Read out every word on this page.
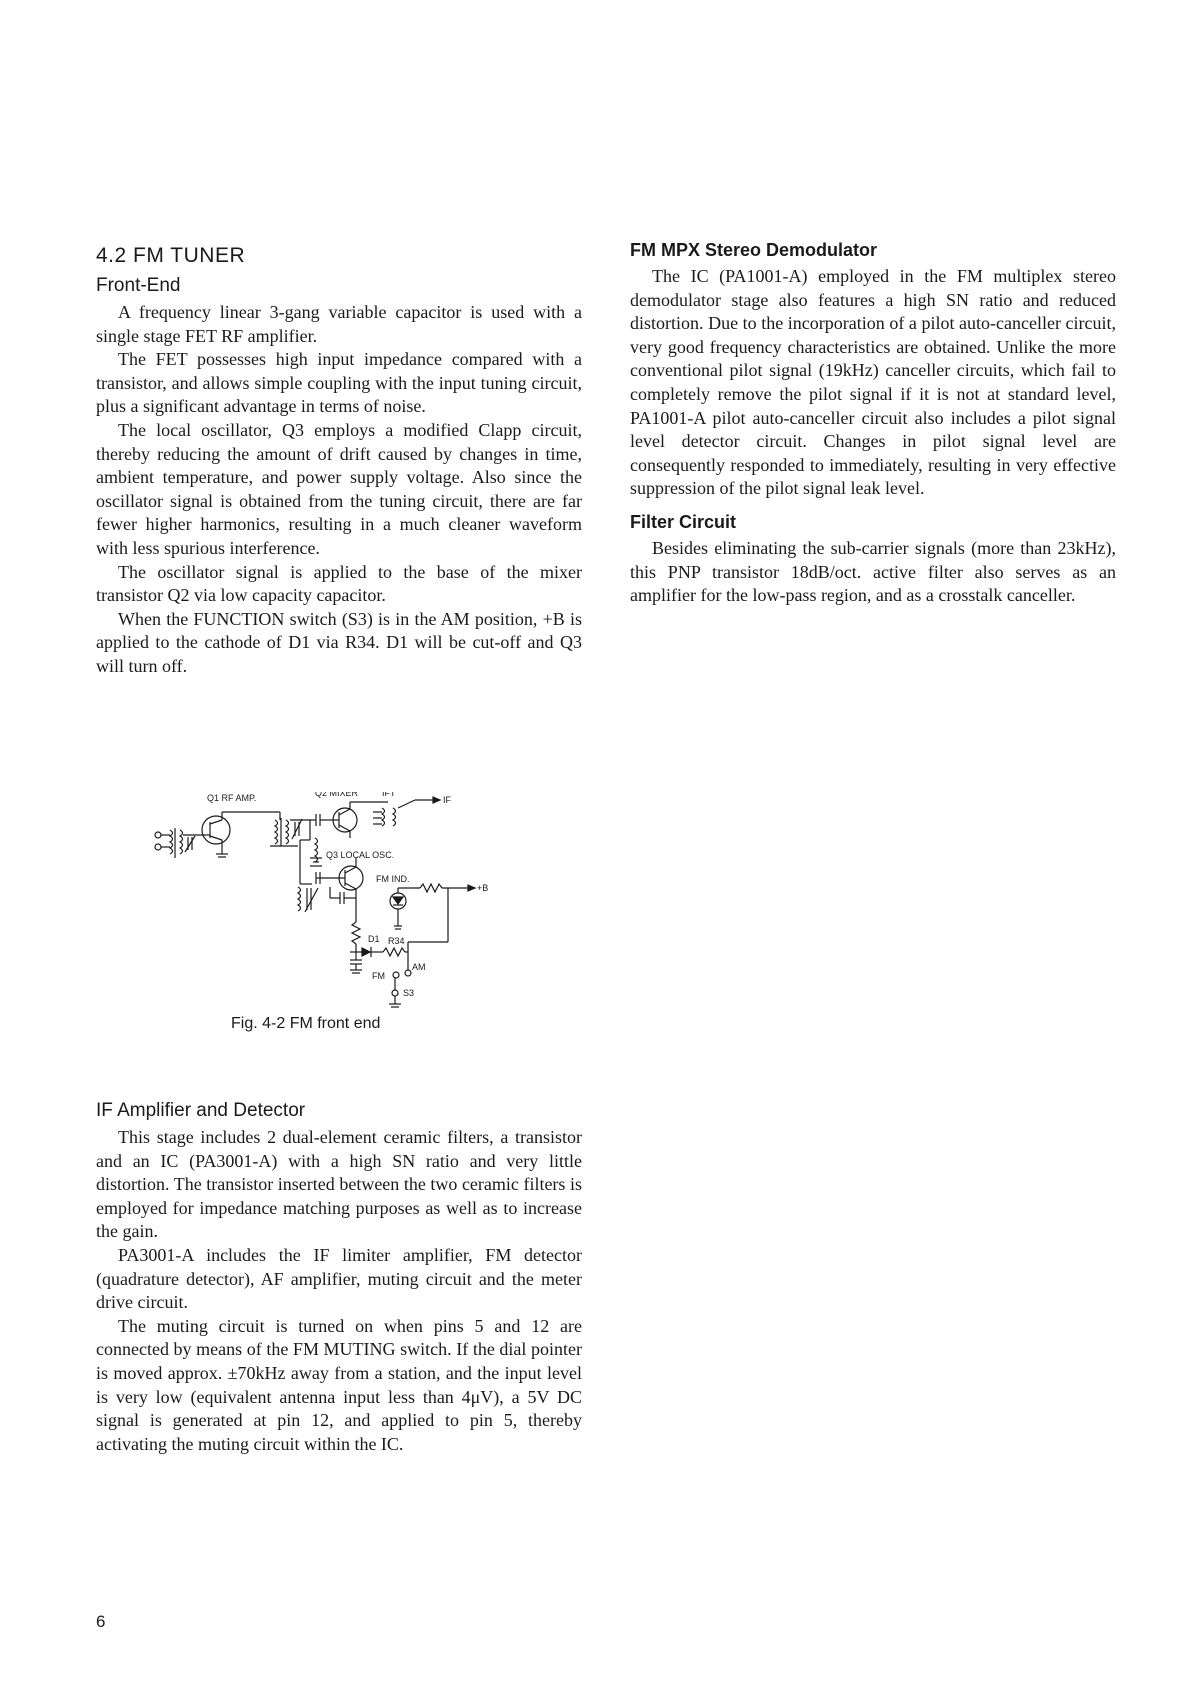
4.2 FM TUNER
Front-End

A frequency linear 3-gang variable capacitor is used with a single stage FET RF amplifier.

The FET possesses high input impedance compared with a transistor, and allows simple coupling with the input tuning circuit, plus a significant advantage in terms of noise.

The local oscillator, Q3 employs a modified Clapp circuit, thereby reducing the amount of drift caused by changes in time, ambient temperature, and power supply voltage. Also since the oscillator signal is obtained from the tuning circuit, there are far fewer higher harmonics, resulting in a much cleaner waveform with less spurious interference.

The oscillator signal is applied to the base of the mixer transistor Q2 via low capacity capacitor.

When the FUNCTION switch (S3) is in the AM position, +B is applied to the cathode of D1 via R34. D1 will be cut-off and Q3 will turn off.

FM MPX Stereo Demodulator

The IC (PA1001-A) employed in the FM multiplex stereo demodulator stage also features a high SN ratio and reduced distortion. Due to the incorporation of a pilot auto-canceller circuit, very good frequency characteristics are obtained. Unlike the more conventional pilot signal (19kHz) canceller circuits, which fail to completely remove the pilot signal if it is not at standard level, PA1001-A pilot auto-canceller circuit also includes a pilot signal level detector circuit. Changes in pilot signal level are consequently responded to immediately, resulting in very effective suppression of the pilot signal leak level.

Filter Circuit

Besides eliminating the sub-carrier signals (more than 23kHz), this PNP transistor 18dB/oct. active filter also serves as an amplifier for the low-pass region, and as a crosstalk canceller.

Q1 RF AMP.	Q2 MIXER	IFT
IF
Q3 LOCAL OSC.
FM IND.
+B
D1 R34
FM
AM
S3
Fig. 4-2 FM front end
IF Amplifier and Detector

This stage includes 2 dual-element ceramic filters, a transistor and an IC (PA3001-A) with a high SN ratio and very little distortion. The transistor inserted between the two ceramic filters is employed for impedance matching purposes as well as to increase the gain.

PA3001-A includes the IF limiter amplifier, FM detector (quadrature detector), AF amplifier, muting circuit and the meter drive circuit.

The muting circuit is turned on when pins 5 and 12 are connected by means of the FM MUTING switch. If the dial pointer is moved approx. ±70kHz away from a station, and the input level is very low (equivalent antenna input less than 4μV), a 5V DC signal is generated at pin 12, and applied to pin 5, thereby activating the muting circuit within the IC.

6
